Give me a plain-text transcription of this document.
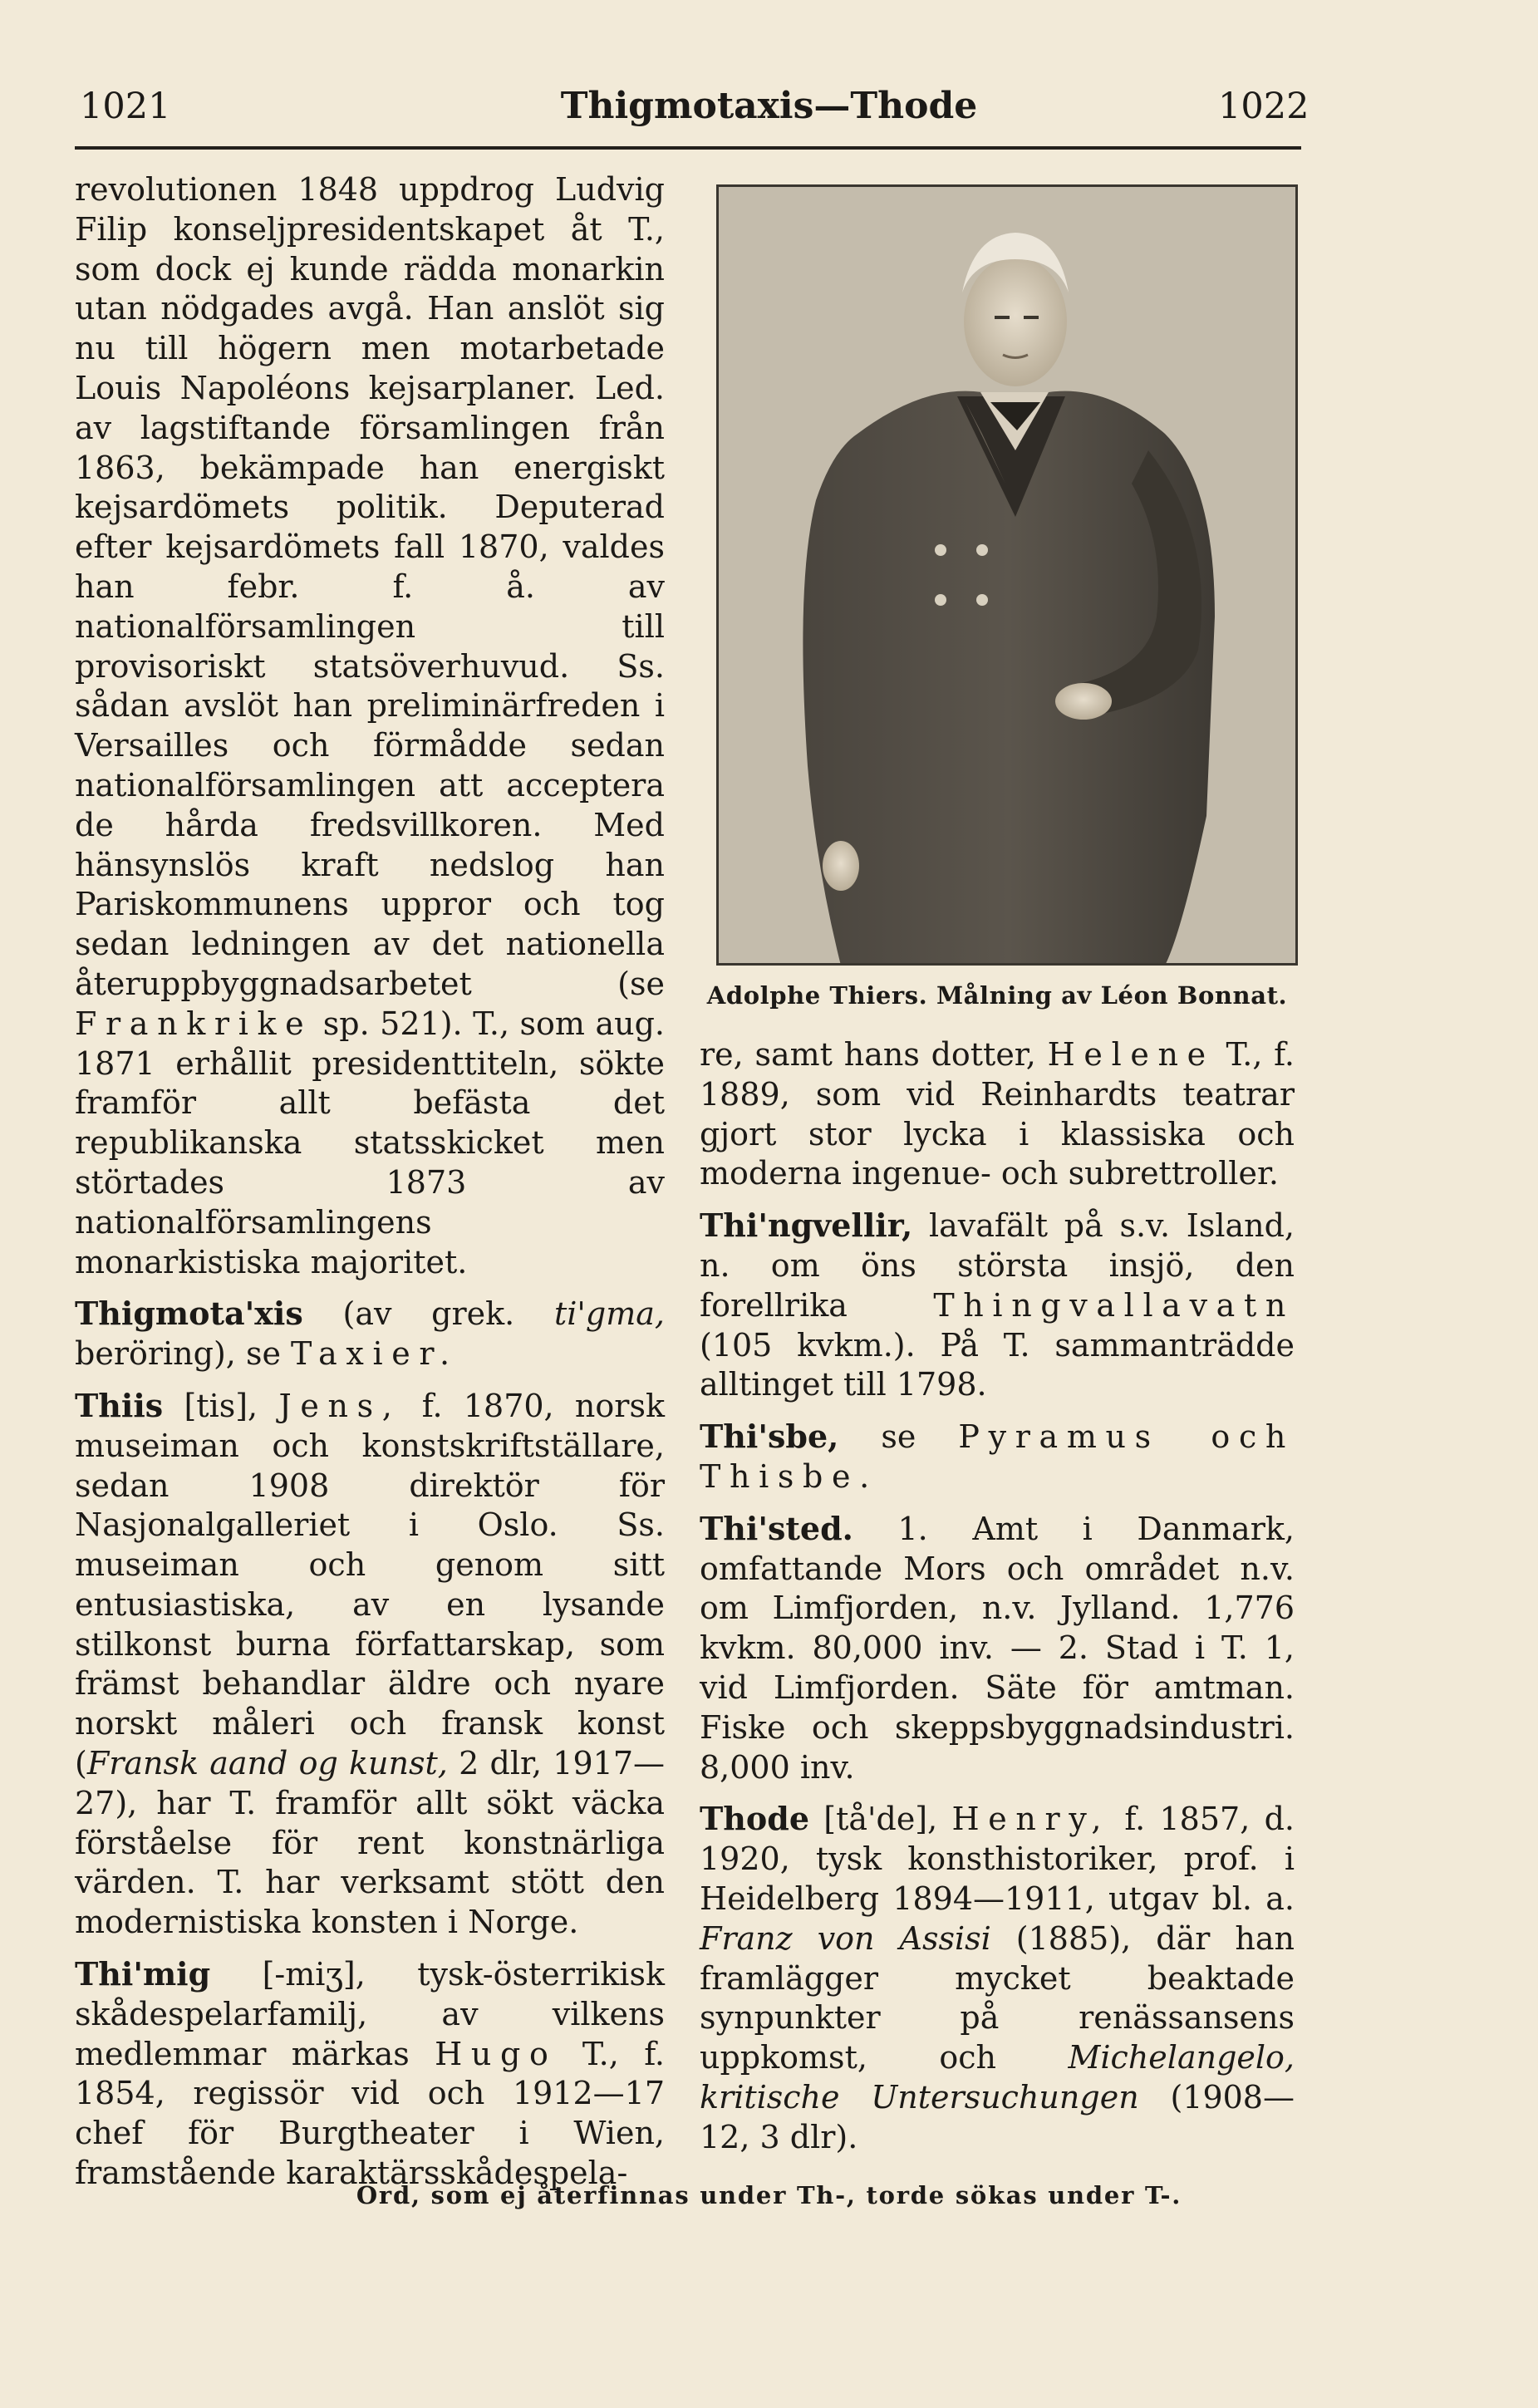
1021	Thigmotaxis—Thode	1022

revolutionen 1848 uppdrog Ludvig Filip konseljpresidentskapet åt T., som dock ej kunde rädda monarkin utan nödgades avgå. Han anslöt sig nu till högern men motarbetade Louis Napoléons kejsarplaner. Led. av lagstiftande församlingen från 1863, bekämpade han energiskt kejsardömets politik. Deputerad efter kejsardömets fall 1870, valdes han febr. f. å. av nationalförsamlingen till provisoriskt statsöverhuvud. Ss. sådan avslöt han preliminärfreden i Versailles och förmådde sedan nationalförsamlingen att acceptera de hårda fredsvillkoren. Med hänsynslös kraft nedslog han Pariskommunens uppror och tog sedan ledningen av det nationella återuppbyggnadsarbetet (se Frankrike sp. 521). T., som aug. 1871 erhållit presidenttiteln, sökte framför allt befästa det republikanska statsskicket men störtades 1873 av nationalförsamlingens monarkistiska majoritet.

Thigmota'xis (av grek. ti'gma, beröring), se Taxier.

Thiis [tis], Jens, f. 1870, norsk museiman och konstskriftställare, sedan 1908 direktör för Nasjonalgalleriet i Oslo. Ss. museiman och genom sitt entusiastiska, av en lysande stilkonst burna författarskap, som främst behandlar äldre och nyare norskt måleri och fransk konst (Fransk aand og kunst, 2 dlr, 1917—27), har T. framför allt sökt väcka förståelse för rent konstnärliga värden. T. har verksamt stött den modernistiska konsten i Norge.

Thi'mig [-miʒ], tysk-österrikisk skådespelarfamilj, av vilkens medlemmar märkas Hugo T., f. 1854, regissör vid och 1912—17 chef för Burgtheater i Wien, framstående karaktärsskådespela-

Adolphe Thiers. Målning av Léon Bonnat.

re, samt hans dotter, Helene T., f. 1889, som vid Reinhardts teatrar gjort stor lycka i klassiska och moderna ingenue- och subrettroller.

Thi'ngvellir, lavafält på s.v. Island, n. om öns största insjö, den forellrika	Thingvallavatn (105 kvkm.). På T. sammanträdde alltinget till 1798.

Thi'sbe, se Pyramus och Thisbe.

Thi'sted. 1. Amt i Danmark, omfattande Mors och området n.v. om Limfjorden, n.v. Jylland. 1,776 kvkm. 80,000 inv. — 2. Stad i T. 1, vid Limfjorden. Säte för amtman. Fiske och skeppsbyggnadsindustri. 8,000 inv.

Thode [tå'de], Henry, f. 1857, d. 1920, tysk konsthistoriker, prof. i Heidelberg 1894—1911, utgav bl. a. Franz von Assisi (1885), där han framlägger mycket beaktade synpunkter på renässansens uppkomst, och Michelangelo, kritische Untersuchungen (1908—12, 3 dlr).

Ord, som ej återfinnas under Th-, torde sökas under T-.
